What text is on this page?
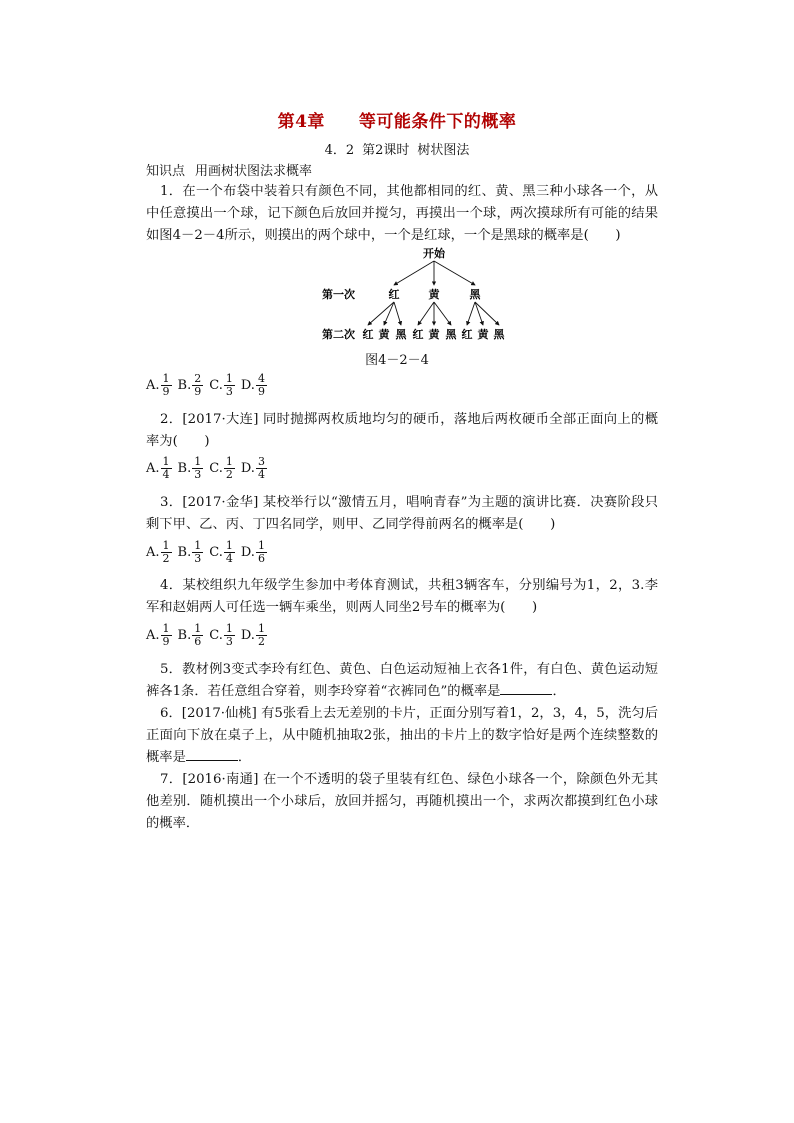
第4章 等可能条件下的概率
4．2 第2课时 树状图法
知识点 用画树状图法求概率
1．在一个布袋中装着只有颜色不同，其他都相同的红、黄、黑三种小球各一个，从中任意摸出一个球，记下颜色后放回并搅匀，再摸出一个球，两次摸球所有可能的结果如图4－2－4所示，则摸出的两个球中，一个是红球，一个是黑球的概率是(　　)
开始
第一次
第二次
红	黄	黑
红 黄 黑 红 黄 黑 红 黄 黑
图4－2－4
A. $\frac{1}{9} B$. $\frac{2}{9} C$. $\frac{1}{3} D$. $\frac{4}{9}$
2．[2017·大连] 同时抛掷两枚质地均匀的硬币，落地后两枚硬币全部正面向上的概率为(　　)
A. $\frac{1}{4} B$. $\frac{1}{3} C$. $\frac{1}{2} D$. $\frac{3}{4}$
3．[2017·金华] 某校举行以“激情五月，唱响青春”为主题的演讲比赛．决赛阶段只剩下甲、乙、丙、丁四名同学，则甲、乙同学得前两名的概率是(　　)
A. $\frac{1}{2} B$. $\frac{1}{3} C$. $\frac{1}{4} D$. $\frac{1}{6}$
4．某校组织九年级学生参加中考体育测试，共租3辆客车，分别编号为1，2，3.李军和赵娟两人可任选一辆车乘坐，则两人同坐2号车的概率为(　　)
A. $\frac{1}{9} B$. $\frac{1}{6} C$. $\frac{1}{3} D$. $\frac{1}{2}$
5．教材例3变式李玲有红色、黄色、白色运动短袖上衣各1件，有白色、黄色运动短裤各1条．若任意组合穿着，则李玲穿着“衣裤同色”的概率是	．
6．[2017·仙桃] 有5张看上去无差别的卡片，正面分别写着1，2，3，4，5，洗匀后正面向下放在桌子上，从中随机抽取2张，抽出的卡片上的数字恰好是两个连续整数的概率是	．
7．[2016·南通] 在一个不透明的袋子里装有红色、绿色小球各一个，除颜色外无其他差别．随机摸出一个小球后，放回并摇匀，再随机摸出一个，求两次都摸到红色小球的概率．
